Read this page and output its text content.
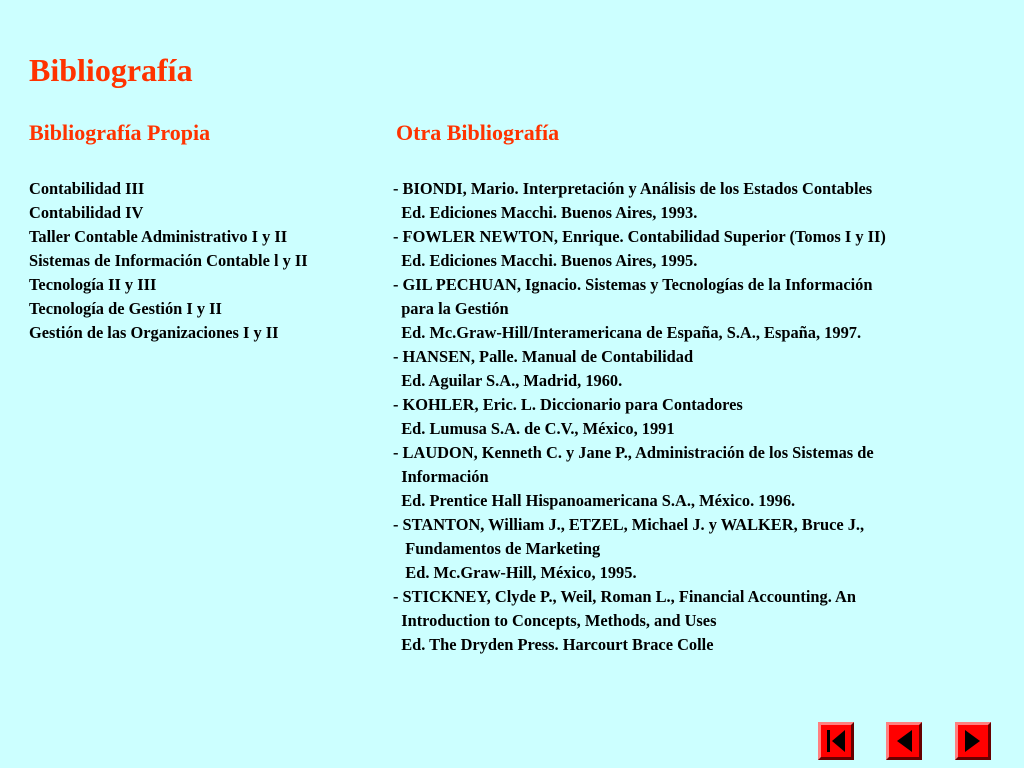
Bibliografía
Bibliografía Propia	Otra Bibliografía
Contabilidad III
Contabilidad IV
Taller Contable Administrativo I y II
Sistemas de Información Contable l y II
Tecnología II y III
Tecnología de Gestión I y II
Gestión de las Organizaciones I y II
- BIONDI, Mario. Interpretación y Análisis de los Estados Contables
Ed. Ediciones Macchi. Buenos Aires, 1993.
- FOWLER NEWTON, Enrique. Contabilidad Superior (Tomos I y II)
Ed. Ediciones Macchi. Buenos Aires, 1995.
- GIL PECHUAN, Ignacio. Sistemas y Tecnologías de la Información
para la Gestión
Ed. Mc.Graw-Hill/Interamericana de España, S.A., España, 1997.
- HANSEN, Palle. Manual de Contabilidad
Ed. Aguilar S.A., Madrid, 1960.
- KOHLER, Eric. L. Diccionario para Contadores
Ed. Lumusa S.A. de C.V., México, 1991
- LAUDON, Kenneth C. y Jane P., Administración de los Sistemas de
Información
Ed. Prentice Hall Hispanoamericana S.A., México. 1996.
- STANTON, William J., ETZEL, Michael J. y WALKER, Bruce J.,
Fundamentos de Marketing
Ed. Mc.Graw-Hill, México, 1995.
- STICKNEY, Clyde P., Weil, Roman L., Financial Accounting. An
Introduction to Concepts, Methods, and Uses
Ed. The Dryden Press. Harcourt Brace Colle
